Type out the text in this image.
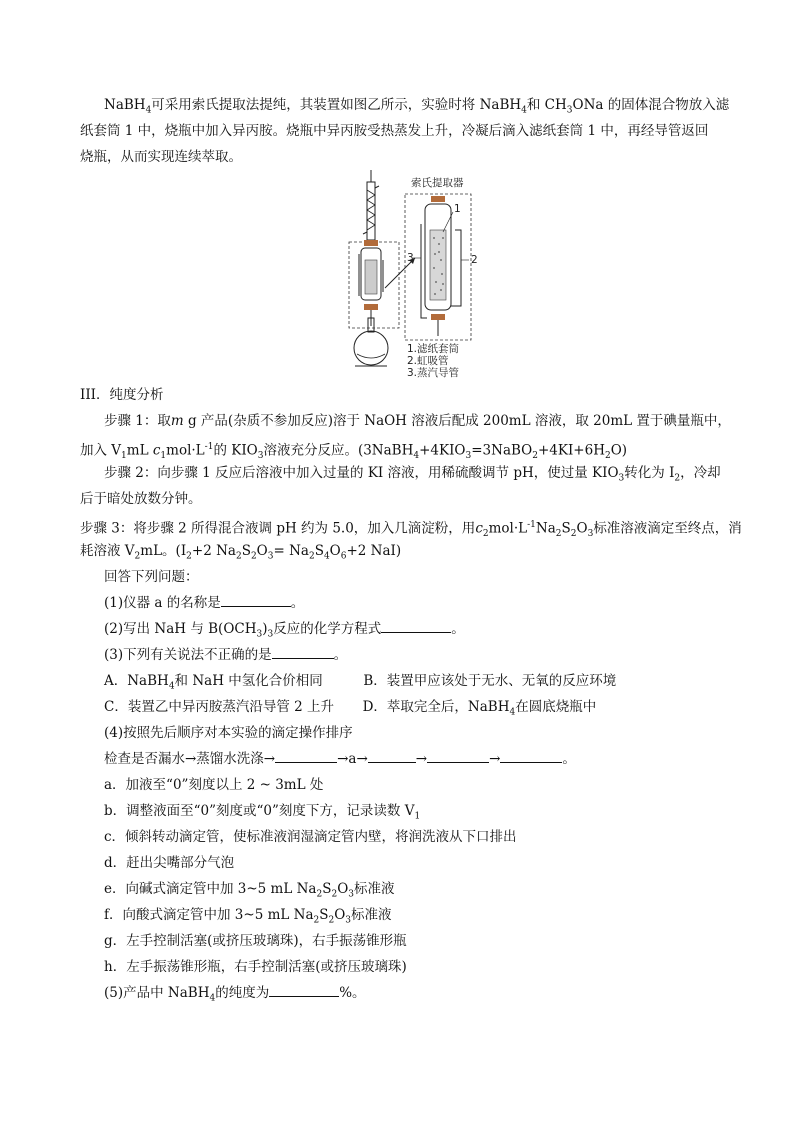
NaBH$_4$可采用索氏提取法提纯，其装置如图乙所示，实验时将 NaBH$_4$和 $CH_3ONa$ 的固体混合物放入滤
纸套筒 1 中，烧瓶中加入异丙胺。烧瓶中异丙胺受热蒸发上升，冷凝后滴入滤纸套筒 1 中，再经导管返回
烧瓶，从而实现连续萃取。
索氏提取器
1
2
3
1.滤纸套筒
2.虹吸管
3.蒸汽导管
III．纯度分析
步骤 1：取m g 产品(杂质不参加反应)溶于 NaOH 溶液后配成 200mL 溶液，取 20mL 置于碘量瓶中，
加入 $V_1mL$ $c_1mol\cdot L^{-1}$的 $KIO_3$溶液充分反应。$(3NaBH_4+4KIO_3=3NaBO_2+4KI+6H_2O)$
步骤 2：向步骤 1 反应后溶液中加入过量的 KI 溶液，用稀硫酸调节 pH，使过量 $KIO_3$转化为 $I_2$，冷却
后于暗处放数分钟。
步骤 3：将步骤 2 所得混合液调 pH 约为 5.0，加入几滴淀粉，用$c_2mol\cdot L^{-1}Na_2S_2O_3$标准溶液滴定至终点，消
耗溶液 $V_2mL$。($I_2+2$ $Na_2S_2O_3= Na_2S_4O_6+2$ NaI)
回答下列问题：
(1)仪器 a 的名称是	。
(2)写出 NaH 与 $B(OCH_3)_3$反应的化学方程式	。
(3)下列有关说法不正确的是	。
A．NaBH$_4$和 NaH 中氢化合价相同	B．装置甲应该处于无水、无氧的反应环境
C．装置乙中异丙胺蒸汽沿导管 2 上升 D．萃取完全后，NaBH$_4$在圆底烧瓶中
(4)按照先后顺序对本实验的滴定操作排序
检查是否漏水→蒸馏水洗涤→	→a→	→	→	。
a．加液至“0”刻度以上 2 ~ 3mL 处
b．调整液面至“0”刻度或“0”刻度下方，记录读数 $V_1$
c．倾斜转动滴定管，使标准液润湿滴定管内壁，将润洗液从下口排出
d．赶出尖嘴部分气泡
e．向碱式滴定管中加 3~5 mL $Na_2S_2O_3$标准液
f．向酸式滴定管中加 3~5 mL $Na_2S_2O_3$标准液
g．左手控制活塞(或挤压玻璃珠)，右手振荡锥形瓶
h．左手振荡锥形瓶，右手控制活塞(或挤压玻璃珠)
(5)产品中 NaBH$_4$的纯度为	%。
